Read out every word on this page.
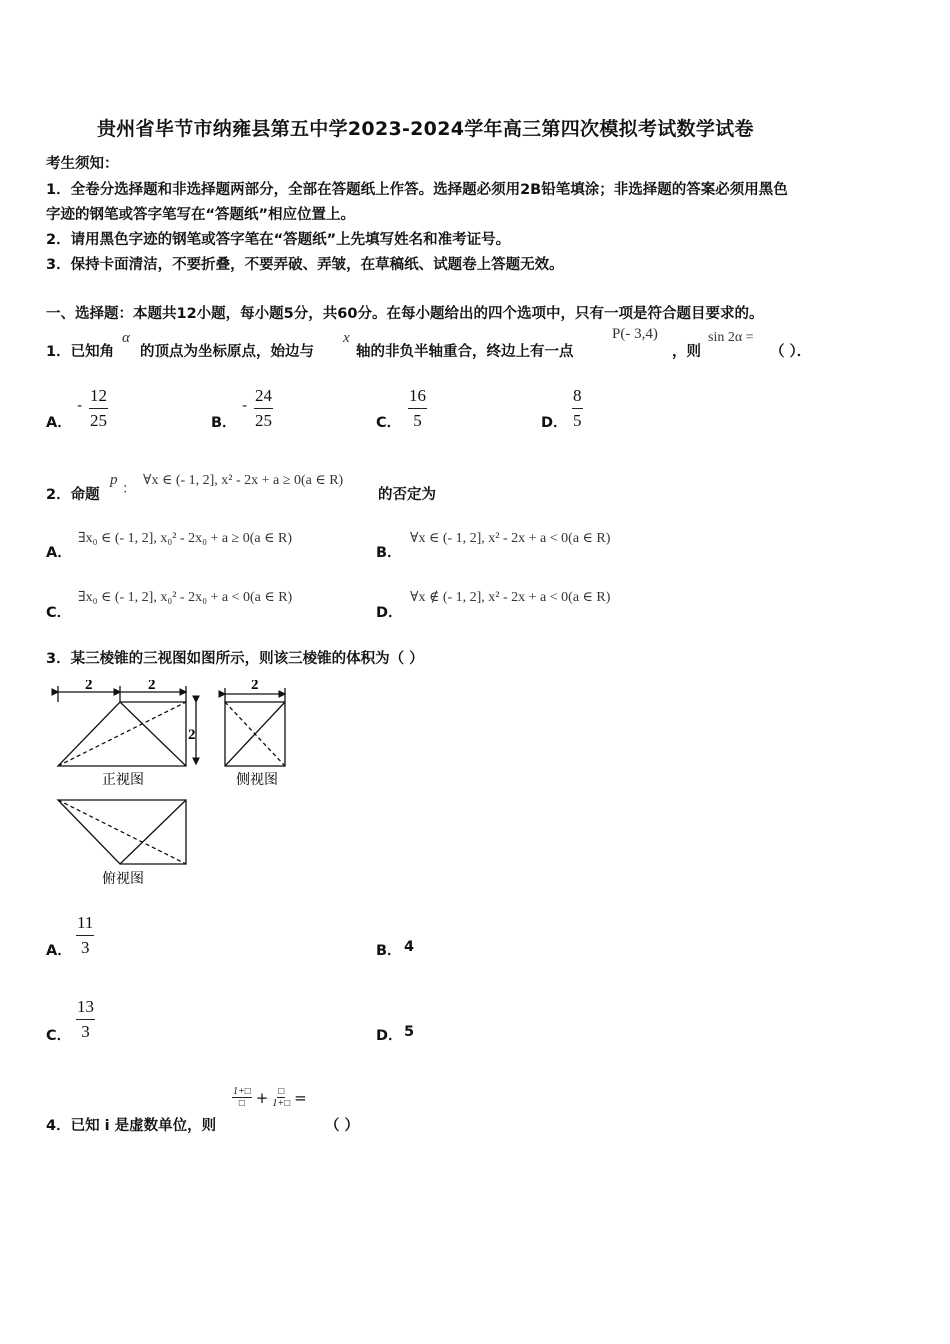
贵州省毕节市纳雍县第五中学2023-2024学年高三第四次模拟考试数学试卷
考生须知：
1．全卷分选择题和非选择题两部分，全部在答题纸上作答。选择题必须用2B铅笔填涂；非选择题的答案必须用黑色
字迹的钢笔或答字笔写在“答题纸”相应位置上。
2．请用黑色字迹的钢笔或答字笔在“答题纸”上先填写姓名和准考证号。
3．保持卡面清洁，不要折叠，不要弄破、弄皱，在草稿纸、试题卷上答题无效。
一、选择题：本题共12小题，每小题5分，共60分。在每小题给出的四个选项中，只有一项是符合题目要求的。
1．已知角
α
的顶点为坐标原点，始边与
x
轴的非负半轴重合，终边上有一点
P(- 3,4)
，则
sin 2α =
（ ）．
A．
- $\frac{12}{25}$	B．
- $\frac{24}{25}$	C． $\frac{16}{5}$	D． $\frac{8}{5}$
2．命题
p
：
∀x ∈ (- 1, 2], x² - 2x + a ≥ 0(a ∈ R)
的否定为
A．
∃x₀ ∈ (- 1, 2], x₀² - 2x₀ + a ≥ 0(a ∈ R)
B．
∀x ∈ (- 1, 2], x² - 2x + a < 0(a ∈ R)
C．
∃x₀ ∈ (- 1, 2], x₀² - 2x₀ + a < 0(a ∈ R)
D．
∀x ∉ (- 1, 2], x² - 2x + a < 0(a ∈ R)
3．某三棱锥的三视图如图所示，则该三棱锥的体积为（ ）
2	2
2
正视图
2
侧视图
俯视图
A． $\frac{11}{3}$	B． 4
C． $\frac{13}{3}$	D． 5
4．已知 i 是虚数单位，则
1+□
□ + □
1+□ =
（ ）
